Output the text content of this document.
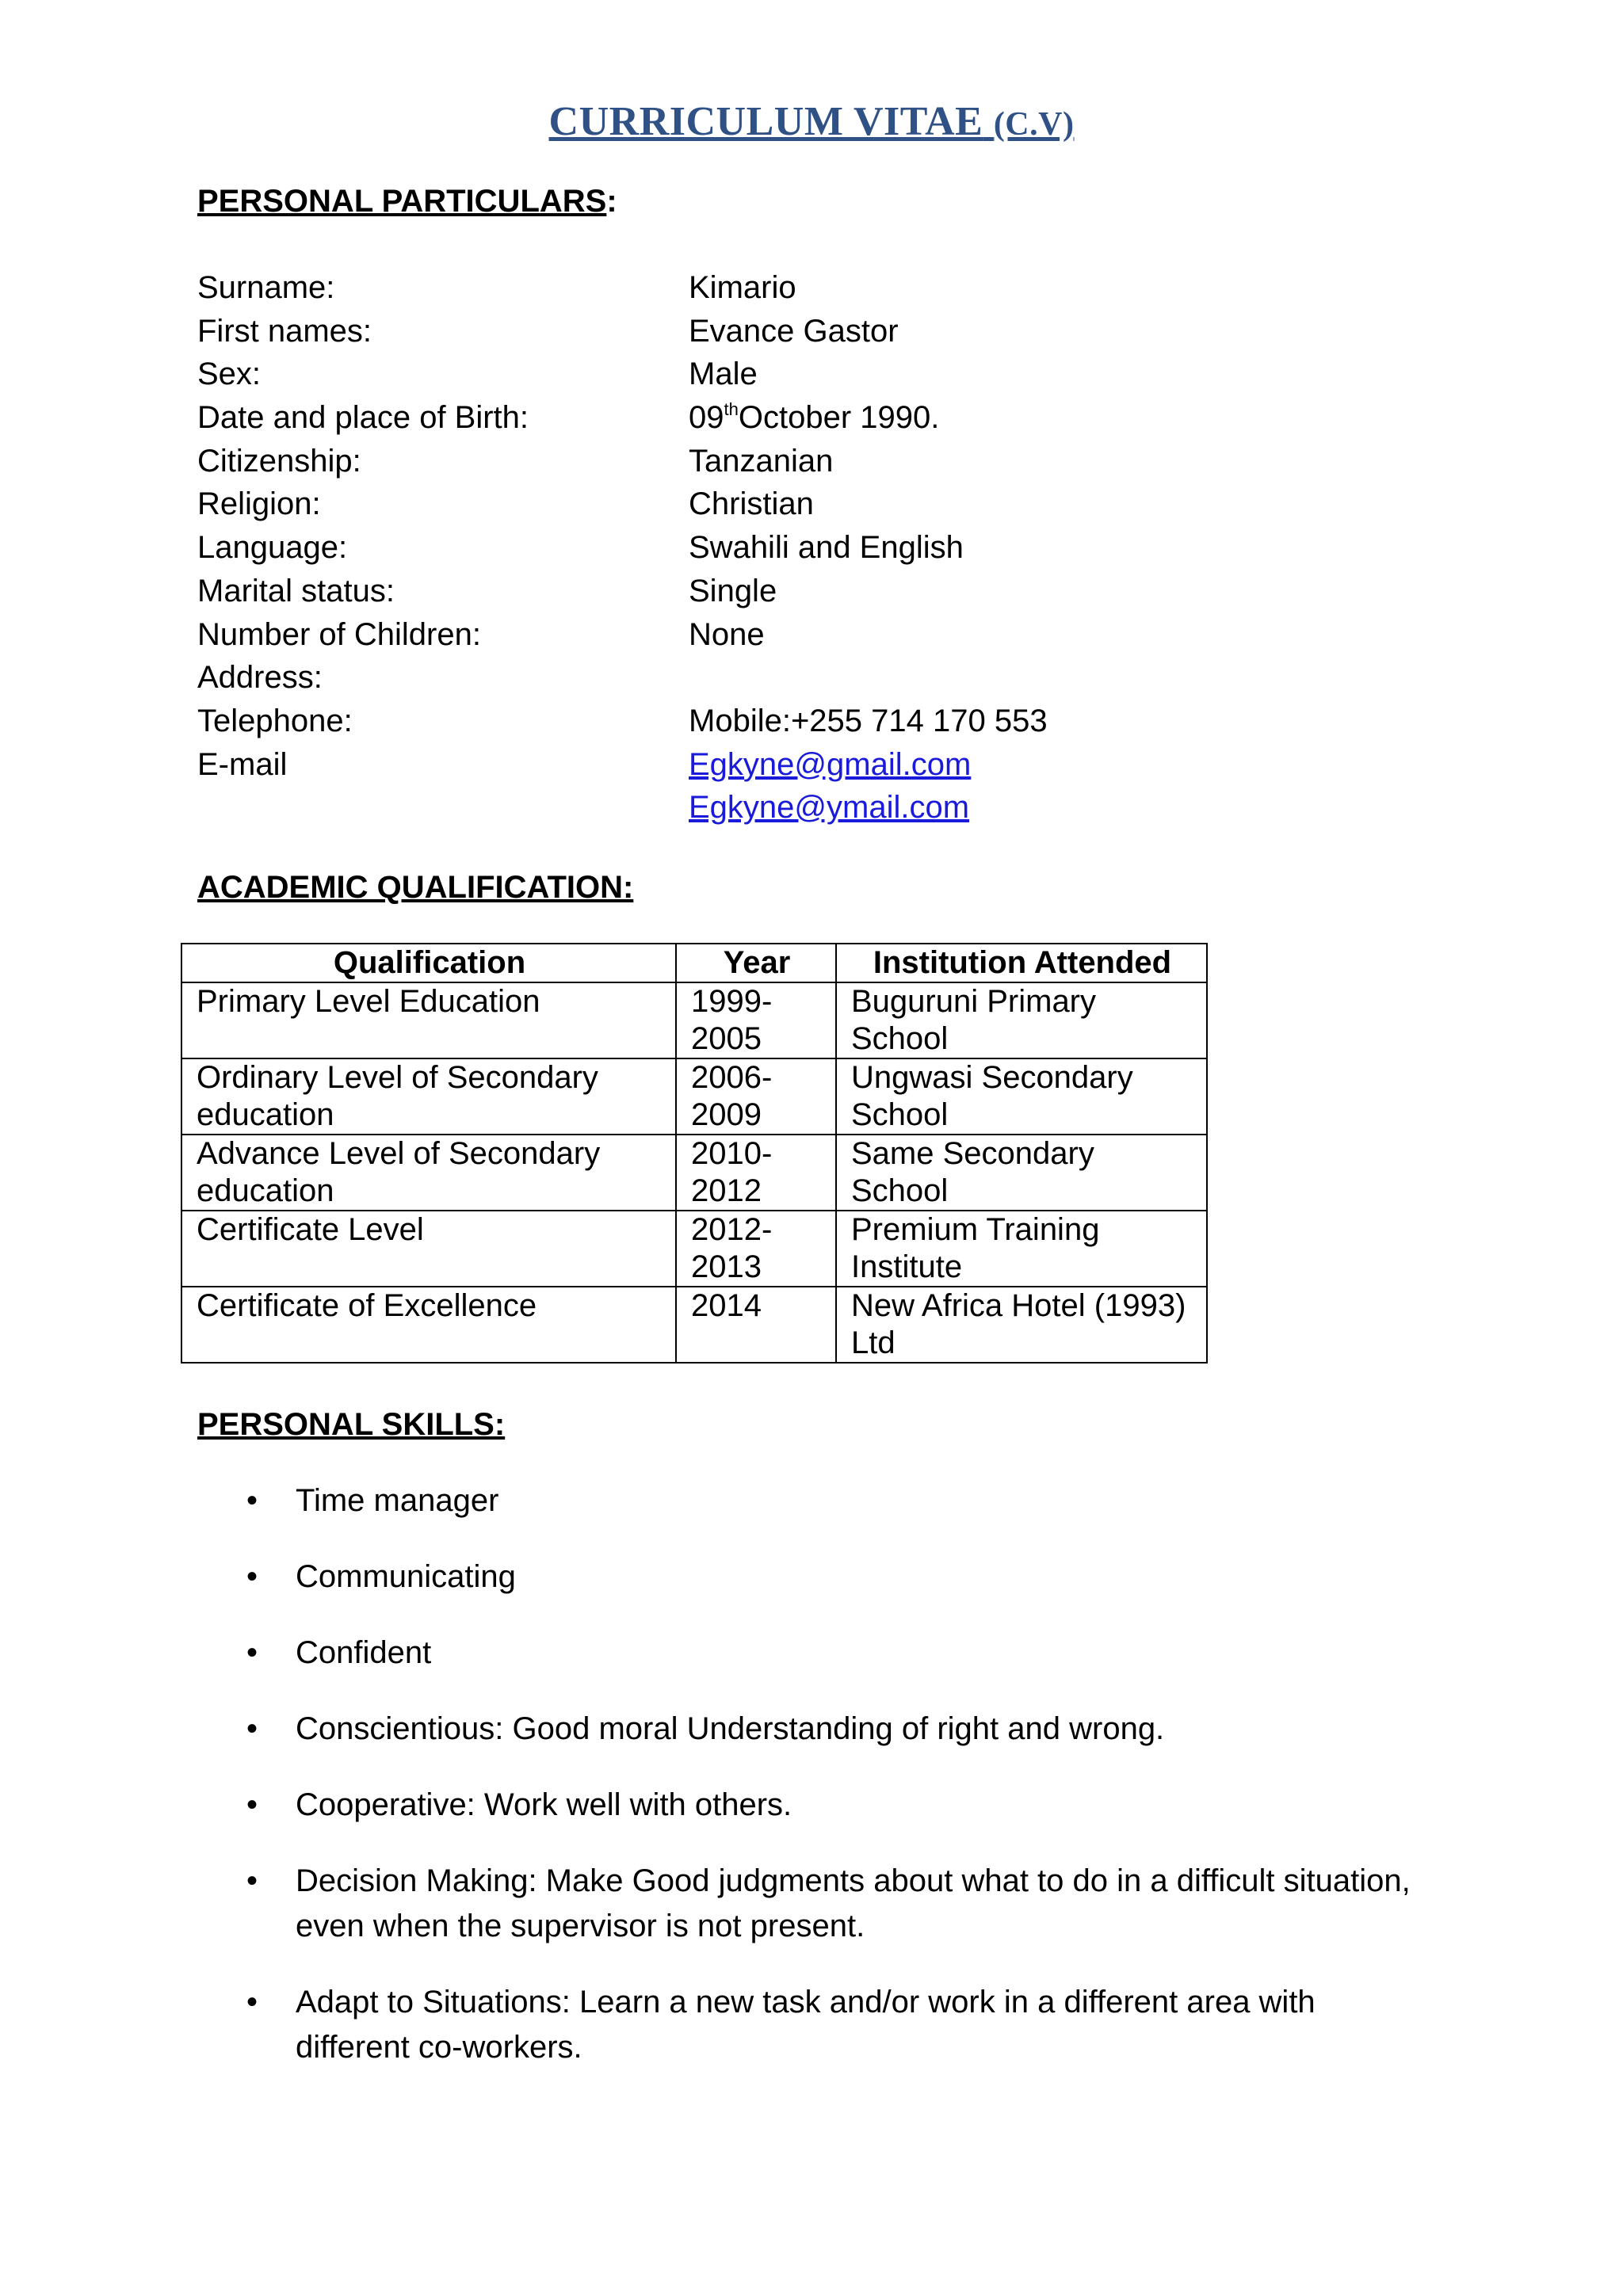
CURRICULUM VITAE (C.V)
PERSONAL PARTICULARS:
Surname:	Kimario
First names:	Evance Gastor
Sex:	Male
Date and place of Birth:	09thOctober 1990.
Citizenship:	Tanzanian
Religion:	Christian
Language:	Swahili and English
Marital status:	Single
Number of Children:	None
Address:
Telephone:	Mobile:+255 714 170 553
E-mail	Egkyne@gmail.com
Egkyne@ymail.com
ACADEMIC QUALIFICATION:
Qualification	Year	Institution Attended
Primary Level Education	1999-2005	Buguruni Primary School
Ordinary Level of Secondary education	2006-2009	Ungwasi Secondary School
Advance Level of Secondary education	2010-2012	Same Secondary School
Certificate Level	2012-2013	Premium Training Institute
Certificate of Excellence	2014	New Africa Hotel (1993) Ltd
PERSONAL SKILLS:
• Time manager
• Communicating
• Confident
• Conscientious: Good moral Understanding of right and wrong.
• Cooperative: Work well with others.
• Decision Making: Make Good judgments about what to do in a difficult situation, even when the supervisor is not present.
• Adapt to Situations: Learn a new task and/or work in a different area with different co-workers.
